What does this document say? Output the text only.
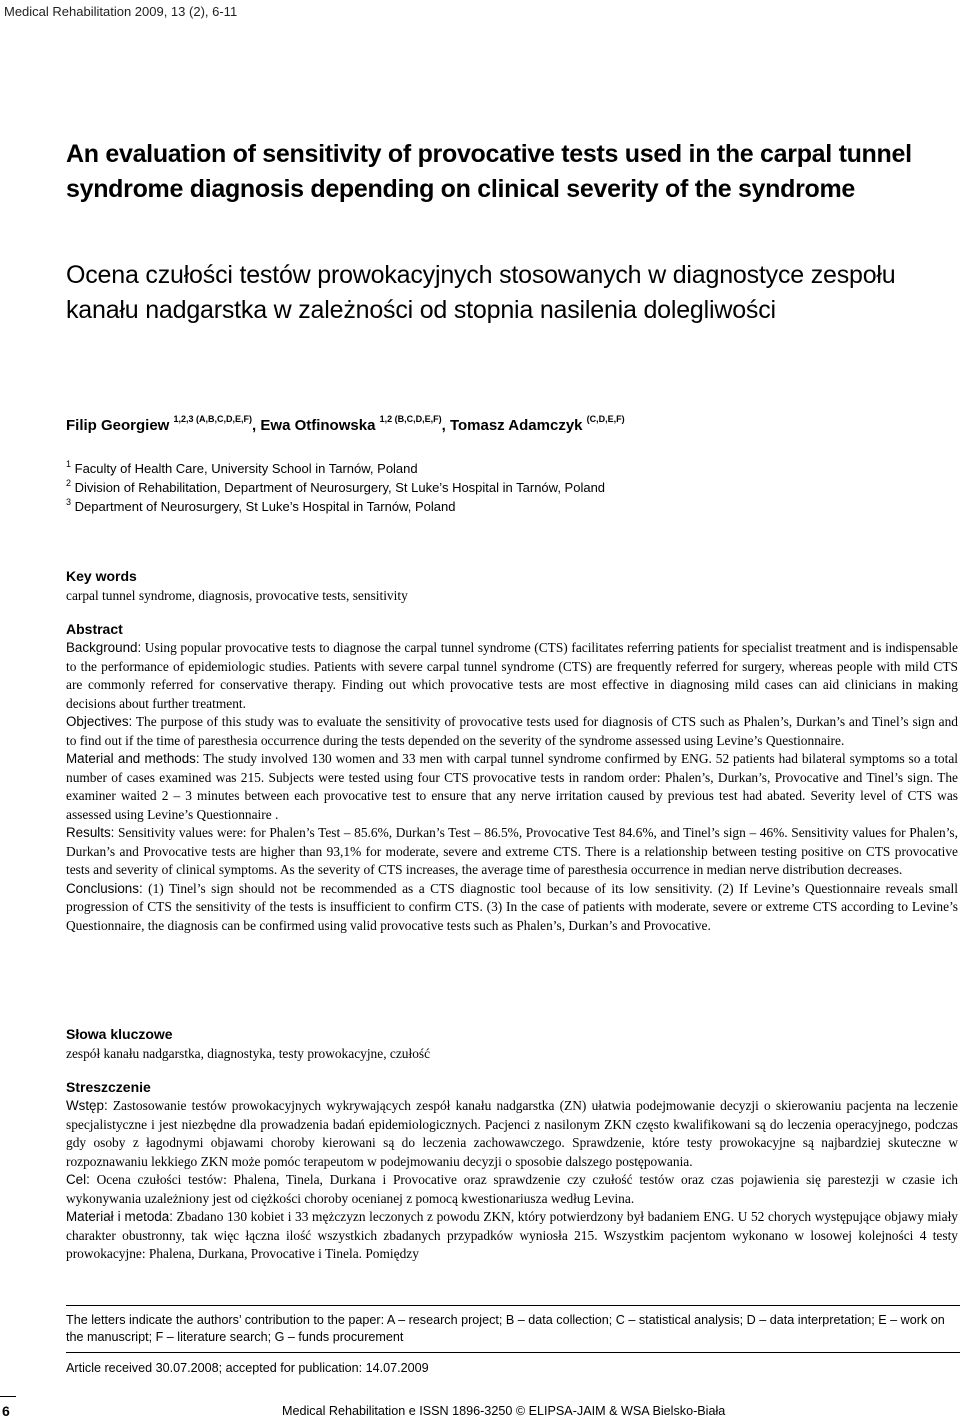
Medical Rehabilitation 2009, 13 (2), 6-11
An evaluation of sensitivity of provocative tests used in the carpal tunnel syndrome diagnosis depending on clinical severity of the syndrome
Ocena czułości testów prowokacyjnych stosowanych w diagnostyce zespołu kanału nadgarstka w zależności od stopnia nasilenia dolegliwości
Filip Georgiew $^{1,2,3 (A,B,C,D,E,F)}$, Ewa Otfinowska $^{1,2 (B,C,D,E,F)}$, Tomasz Adamczyk $^{(C,D,E,F)}$
$^1$ Faculty of Health Care, University School in Tarnów, Poland
$^2$ Division of Rehabilitation, Department of Neurosurgery, St Luke’s Hospital in Tarnów, Poland
$^3$ Department of Neurosurgery, St Luke’s Hospital in Tarnów, Poland
Key words
carpal tunnel syndrome, diagnosis, provocative tests, sensitivity
Abstract

Background: Using popular provocative tests to diagnose the carpal tunnel syndrome (CTS) facilitates referring patients for specialist treatment and is indispensable to the performance of epidemiologic studies. Patients with severe carpal tunnel syndrome (CTS) are frequently referred for surgery, whereas people with mild CTS are commonly referred for conservative therapy. Finding out which provocative tests are most effective in diagnosing mild cases can aid clinicians in making decisions about further treatment.

Objectives: The purpose of this study was to evaluate the sensitivity of provocative tests used for diagnosis of CTS such as Phalen’s, Durkan’s and Tinel’s sign and to find out if the time of paresthesia occurrence during the tests depended on the severity of the syndrome assessed using Levine’s Questionnaire.

Material and methods: The study involved 130 women and 33 men with carpal tunnel syndrome confirmed by ENG. 52 patients had bilateral symptoms so a total number of cases examined was 215. Subjects were tested using four CTS provocative tests in random order: Phalen’s, Durkan’s, Provocative and Tinel’s sign. The examiner waited 2 – 3 minutes between each provocative test to ensure that any nerve irritation caused by previous test had abated. Severity level of CTS was assessed using Levine’s Questionnaire .

Results: Sensitivity values were: for Phalen’s Test – 85.6%, Durkan’s Test – 86.5%, Provocative Test 84.6%, and Tinel’s sign – 46%. Sensitivity values for Phalen’s, Durkan’s and Provocative tests are higher than 93,1% for moderate, severe and extreme CTS. There is a relationship between testing positive on CTS provocative tests and severity of clinical symptoms. As the severity of CTS increases, the average time of paresthesia occurrence in median nerve distribution decreases.

Conclusions: (1) Tinel’s sign should not be recommended as a CTS diagnostic tool because of its low sensitivity. (2) If Levine’s Questionnaire reveals small progression of CTS the sensitivity of the tests is insufficient to confirm CTS. (3) In the case of patients with moderate, severe or extreme CTS according to Levine’s Questionnaire, the diagnosis can be confirmed using valid provocative tests such as Phalen’s, Durkan’s and Provocative.

Słowa kluczowe
zespół kanału nadgarstka, diagnostyka, testy prowokacyjne, czułość
Streszczenie

Wstęp: Zastosowanie testów prowokacyjnych wykrywających zespół kanału nadgarstka (ZN) ułatwia podejmowanie decyzji o skierowaniu pacjenta na leczenie specjalistyczne i jest niezbędne dla prowadzenia badań epidemiologicznych. Pacjenci z nasilonym ZKN często kwalifikowani są do leczenia operacyjnego, podczas gdy osoby z łagodnymi objawami choroby kierowani są do leczenia zachowawczego. Sprawdzenie, które testy prowokacyjne są najbardziej skuteczne w rozpoznawaniu lekkiego ZKN może pomóc terapeutom w podejmowaniu decyzji o sposobie dalszego postępowania.

Cel: Ocena czułości testów: Phalena, Tinela, Durkana i Provocative oraz sprawdzenie czy czułość testów oraz czas pojawienia się parestezji w czasie ich wykonywania uzależniony jest od ciężkości choroby ocenianej z pomocą kwestionariusza według Levina.

Materiał i metoda: Zbadano 130 kobiet i 33 mężczyzn leczonych z powodu ZKN, który potwierdzony był badaniem ENG. U 52 chorych występujące objawy miały charakter obustronny, tak więc łączna ilość wszystkich zbadanych przypadków wyniosła 215. Wszystkim pacjentom wykonano w losowej kolejności 4 testy prowokacyjne: Phalena, Durkana, Provocative i Tinela. Pomiędzy

The letters indicate the authors’ contribution to the paper: A – research project; B – data collection; C – statistical analysis; D – data interpretation; E – work on the manuscript; F – literature search; G – funds procurement
Article received 30.07.2008; accepted for publication: 14.07.2009
6	Medical Rehabilitation e ISSN 1896-3250 © ELIPSA-JAIM & WSA Bielsko-Biała
